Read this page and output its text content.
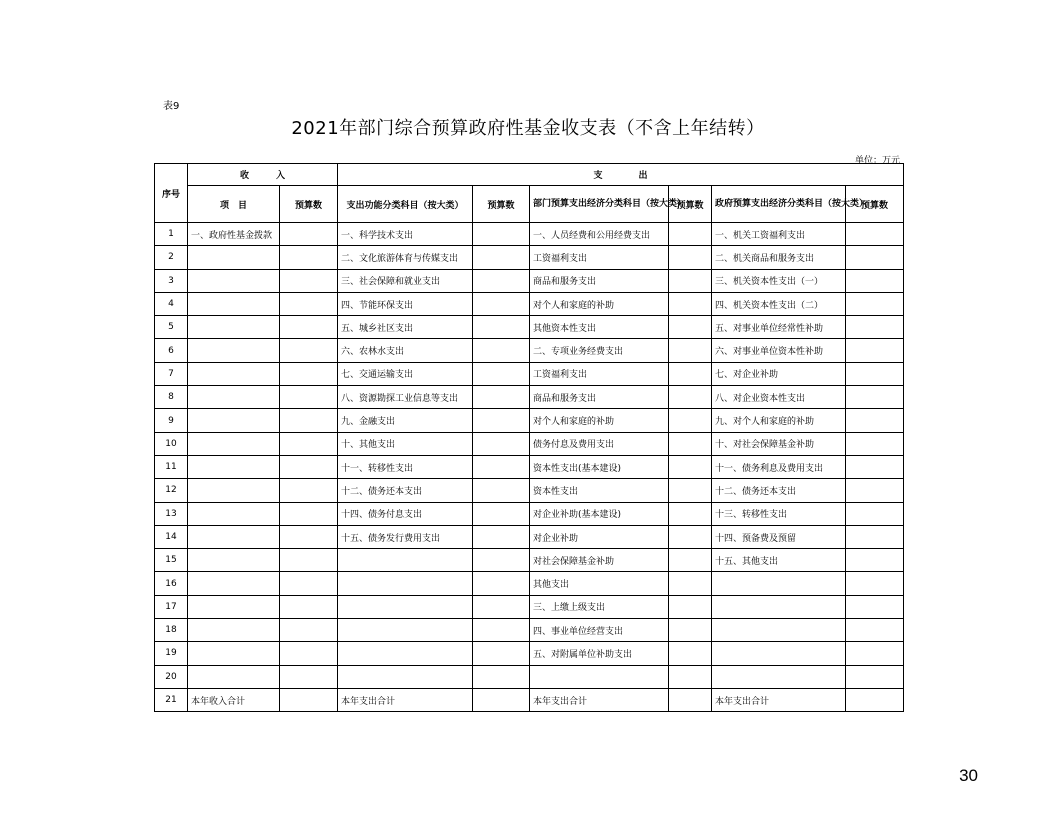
表9
2021年部门综合预算政府性基金收支表（不含上年结转）
单位：万元
序号	收　　　入		支　　　　出					
	项　目	预算数	支出功能分类科目（按大类）	预算数	部门预算支出经济分类科目（按大类）	预算数	政府预算支出经济分类科目（按大类）	预算数
1	一、政府性基金拨款		一、科学技术支出		一、人员经费和公用经费支出		一、机关工资福利支出	
2			二、文化旅游体育与传媒支出		工资福利支出		二、机关商品和服务支出	
3			三、社会保障和就业支出		商品和服务支出		三、机关资本性支出（一）	
4			四、节能环保支出		对个人和家庭的补助		四、机关资本性支出（二）	
5			五、城乡社区支出		其他资本性支出		五、对事业单位经常性补助	
6			六、农林水支出		二、专项业务经费支出		六、对事业单位资本性补助	
7			七、交通运输支出		工资福利支出		七、对企业补助	
8			八、资源勘探工业信息等支出		商品和服务支出		八、对企业资本性支出	
9			九、金融支出		对个人和家庭的补助		九、对个人和家庭的补助	
10			十、其他支出		债务付息及费用支出		十、对社会保障基金补助	
11			十一、转移性支出		资本性支出(基本建设)		十一、债务利息及费用支出	
12			十二、债务还本支出		资本性支出		十二、债务还本支出	
13			十四、债务付息支出		对企业补助(基本建设)		十三、转移性支出	
14			十五、债务发行费用支出		对企业补助		十四、预备费及预留	
15					对社会保障基金补助		十五、其他支出	
16					其他支出			
17					三、上缴上级支出			
18					四、事业单位经营支出			
19					五、对附属单位补助支出			
20								
21	本年收入合计		本年支出合计		本年支出合计		本年支出合计	
30
